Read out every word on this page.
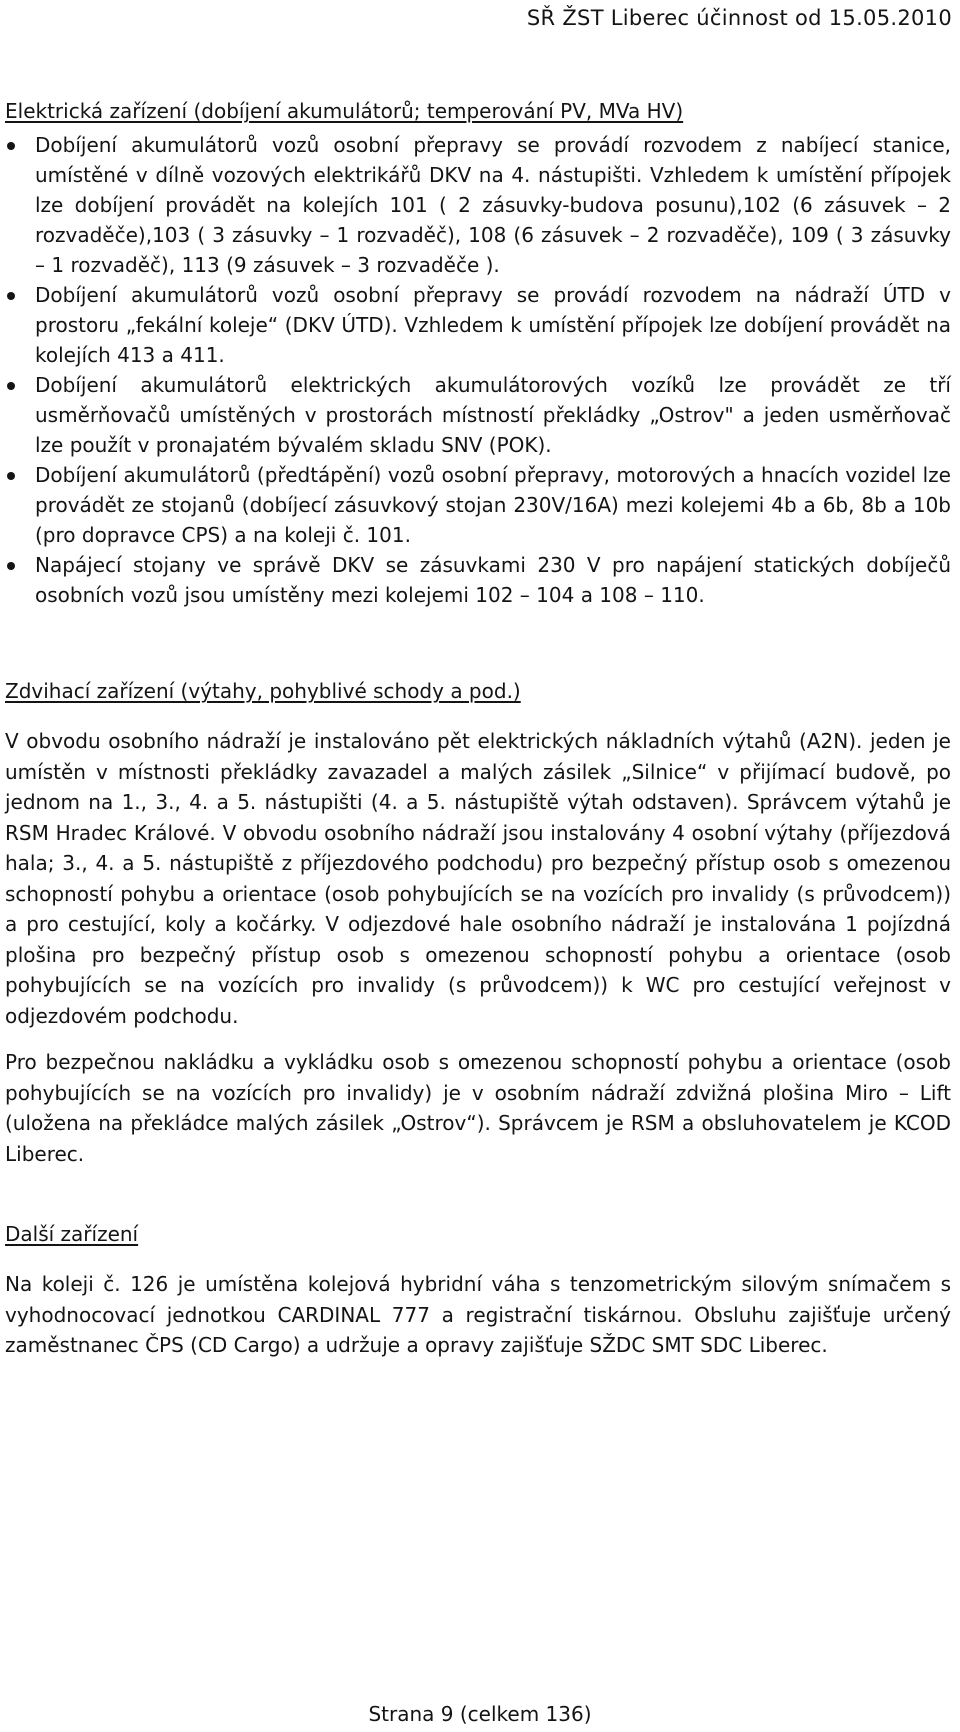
SŘ ŽST Liberec účinnost od 15.05.2010
Elektrická zařízení (dobíjení akumulátorů; temperování PV, MVa HV)
Dobíjení akumulátorů vozů osobní přepravy se provádí rozvodem z nabíjecí stanice, umístěné v dílně vozových elektrikářů DKV na 4. nástupišti. Vzhledem k umístění přípojek lze dobíjení provádět na kolejích 101 ( 2 zásuvky-budova posunu),102 (6 zásuvek – 2 rozvaděče),103 ( 3 zásuvky – 1 rozvaděč), 108 (6 zásuvek – 2 rozvaděče), 109 ( 3 zásuvky – 1 rozvaděč), 113 (9 zásuvek – 3 rozvaděče ).
Dobíjení akumulátorů vozů osobní přepravy se provádí rozvodem na nádraží ÚTD v prostoru „fekální koleje“ (DKV ÚTD). Vzhledem k umístění přípojek lze dobíjení provádět na kolejích 413 a 411.
Dobíjení akumulátorů elektrických akumulátorových vozíků lze provádět ze tří usměrňovačů umístěných v prostorách místností překládky „Ostrov" a jeden usměrňovač lze použít v pronajatém bývalém skladu SNV (POK).
Dobíjení akumulátorů (předtápění) vozů osobní přepravy, motorových a hnacích vozidel lze provádět ze stojanů (dobíjecí zásuvkový stojan 230V/16A) mezi kolejemi 4b a 6b, 8b a 10b (pro dopravce CPS) a na koleji č. 101.
Napájecí stojany ve správě DKV se zásuvkami 230 V pro napájení statických dobíječů osobních vozů jsou umístěny mezi kolejemi 102 – 104 a 108 – 110.
Zdvihací zařízení (výtahy, pohyblivé schody a pod.)

V obvodu osobního nádraží je instalováno pět elektrických nákladních výtahů (A2N). jeden je umístěn v místnosti překládky zavazadel a malých zásilek „Silnice“ v přijímací budově, po jednom na 1., 3., 4. a 5. nástupišti (4. a 5. nástupiště výtah odstaven). Správcem výtahů je RSM Hradec Králové. V obvodu osobního nádraží jsou instalovány 4 osobní výtahy (příjezdová hala; 3., 4. a 5. nástupiště z příjezdového podchodu) pro bezpečný přístup osob s omezenou schopností pohybu a orientace (osob pohybujících se na vozících pro invalidy (s průvodcem)) a pro cestující, koly a kočárky. V odjezdové hale osobního nádraží je instalována 1 pojízdná plošina pro bezpečný přístup osob s omezenou schopností pohybu a orientace (osob pohybujících se na vozících pro invalidy (s průvodcem)) k WC pro cestující veřejnost v odjezdovém podchodu.

Pro bezpečnou nakládku a vykládku osob s omezenou schopností pohybu a orientace (osob pohybujících se na vozících pro invalidy) je v osobním nádraží zdvižná plošina Miro – Lift (uložena na překládce malých zásilek „Ostrov“). Správcem je RSM a obsluhovatelem je KCOD Liberec.

Další zařízení

Na koleji č. 126 je umístěna kolejová hybridní váha s tenzometrickým silovým snímačem s vyhodnocovací jednotkou CARDINAL 777 a registrační tiskárnou. Obsluhu zajišťuje určený zaměstnanec ČPS (CD Cargo) a udržuje a opravy zajišťuje SŽDC SMT SDC Liberec.

Strana 9 (celkem 136)
